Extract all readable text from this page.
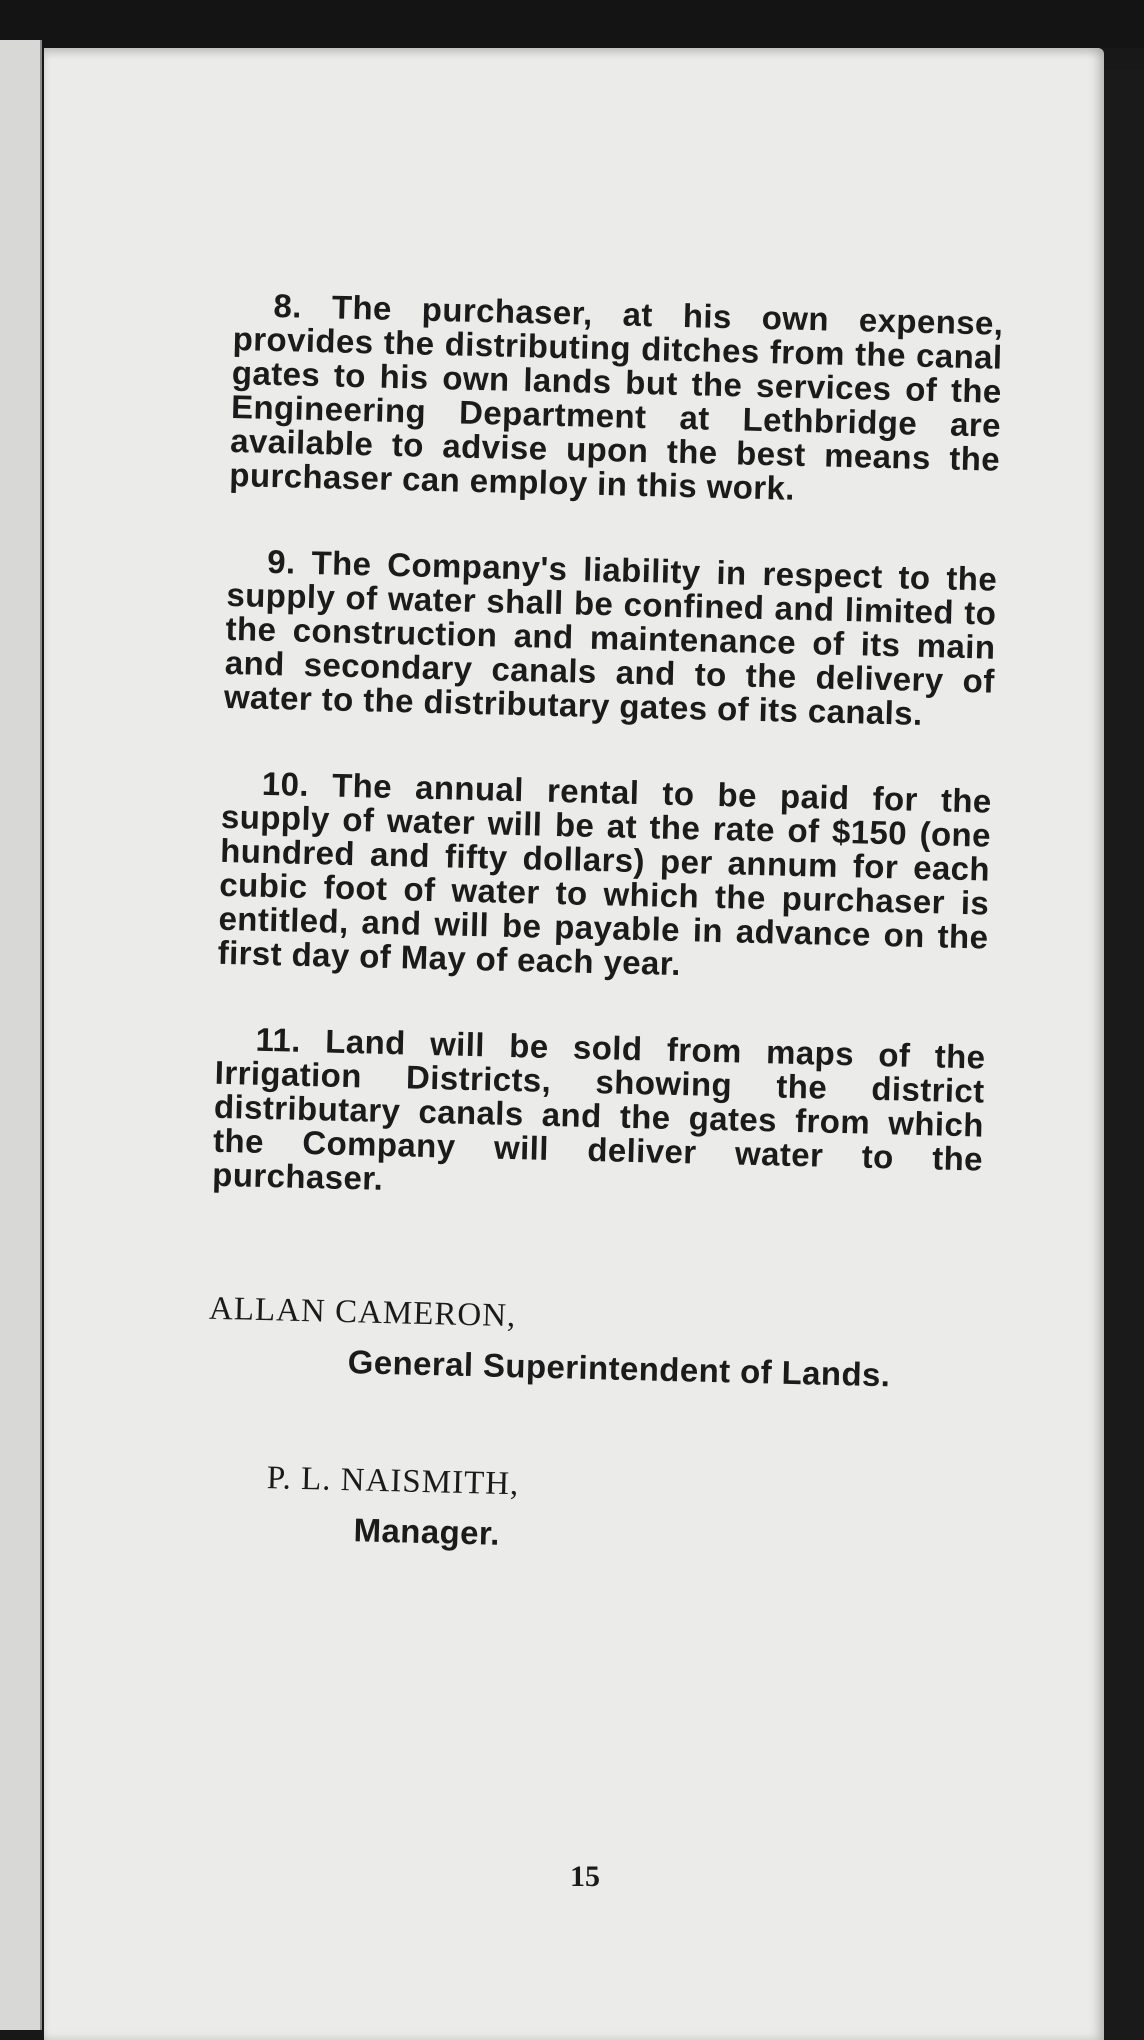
8. The purchaser, at his own expense, provides the distributing ditches from the canal gates to his own lands but the services of the Engineering Department at Lethbridge are available to advise upon the best means the purchaser can employ in this work.

9. The Company's liability in respect to the supply of water shall be confined and limited to the construction and maintenance of its main and secondary canals and to the delivery of water to the distributary gates of its canals.

10. The annual rental to be paid for the supply of water will be at the rate of $150 (one hundred and fifty dollars) per annum for each cubic foot of water to which the purchaser is entitled, and will be payable in advance on the first day of May of each year.

11. Land will be sold from maps of the Irrigation Districts, showing the district distributary canals and the gates from which the Company will deliver water to the purchaser.

ALLAN CAMERON,
General Superintendent of Lands.
P. L. NAISMITH,
Manager.
15
